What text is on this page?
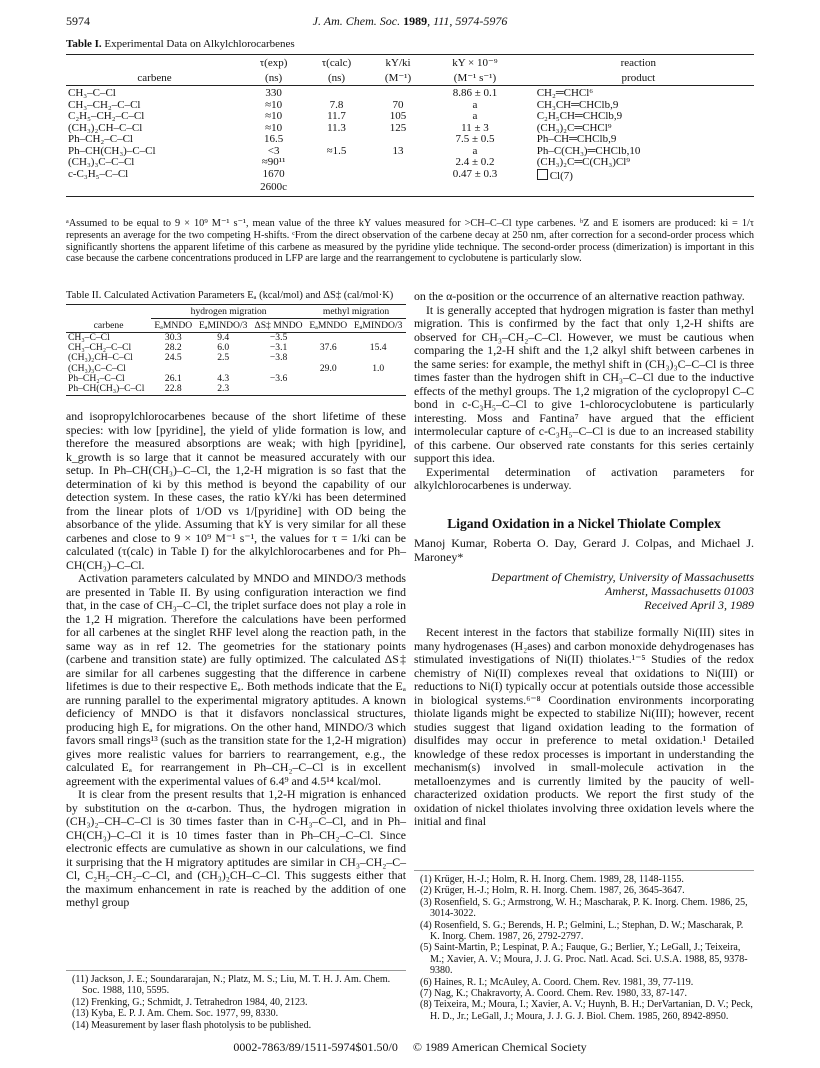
5974	J. Am. Chem. Soc. 1989, 111, 5974-5976
Table I. Experimental Data on Alkylchlorocarbenes
	τ(exp)	τ(calc)	kY/ki	kY × 10⁻⁹	reaction
carbene	(ns)	(ns)	(M⁻¹)	(M⁻¹ s⁻¹)	product
CH₃–C–Cl	330			8.86 ± 0.1	CH₂═CHCl⁶
CH₃–CH₂–C–Cl	≈10	7.8	70	a	CH₃CH═CHClb,9
C₂H₅–CH₂–C–Cl	≈10	11.7	105	a	C₂H₅CH═CHClb,9
(CH₃)₂CH–C–Cl	≈10	11.3	125	11 ± 3	(CH₃)₂C═CHCl⁹
Ph–CH₂–C–Cl	16.5			7.5 ± 0.5	Ph–CH═CHClb,9
Ph–CH(CH₃)–C–Cl	<3	≈1.5	13	a	Ph–C(CH₃)═CHClb,10
(CH₃)₃C–C–Cl	≈90¹¹			2.4 ± 0.2	(CH₃)₂C═C(CH₃)Cl⁹
c-C₃H₅–C–Cl	1670			0.47 ± 0.3	Cl(7)
	2600c				
ᵃAssumed to be equal to 9 × 10⁹ M⁻¹ s⁻¹, mean value of the three kY values measured for >CH–C–Cl type carbenes. ᵇZ and E isomers are produced: ki = 1/τ represents an average for the two competing H-shifts. ᶜFrom the direct observation of the carbene decay at 250 nm, after correction for a second-order process which significantly shortens the apparent lifetime of this carbene as measured by the pyridine ylide technique. The second-order process (dimerization) is important in this case because the carbene concentrations produced in LFP are large and the rearrangement to cyclobutene is particularly slow.
Table II. Calculated Activation Parameters Eₐ (kcal/mol) and ΔS‡ (cal/mol·K)
	hydrogen migration			methyl migration	
carbene	EₐMNDO	EₐMINDO/3	ΔS‡ MNDO	EₐMNDO	EₐMINDO/3
CH₃–C–Cl	30.3	9.4	−3.5		
CH₃–CH₂–C–Cl	28.2	6.0	−3.1	37.6	15.4
(CH₃)₂CH–C–Cl	24.5	2.5	−3.8		
(CH₃)₃C–C–Cl				29.0	1.0
Ph–CH₂–C–Cl	26.1	4.3	−3.6		
Ph–CH(CH₃)–C–Cl	22.8	2.3			

and isopropylchlorocarbenes because of the short lifetime of these species: with low [pyridine], the yield of ylide formation is low, and therefore the measured absorptions are weak; with high [pyridine], k_growth is so large that it cannot be measured accurately with our setup. In Ph–CH(CH₃)–C–Cl, the 1,2-H migration is so fast that the determination of ki by this method is beyond the capability of our detection system. In these cases, the ratio kY/ki has been determined from the linear plots of 1/OD vs 1/[pyridine] with OD being the absorbance of the ylide. Assuming that kY is very similar for all these carbenes and close to 9 × 10⁹ M⁻¹ s⁻¹, the values for τ = 1/ki can be calculated (τ(calc) in Table I) for the alkylchlorocarbenes and for Ph–CH(CH₃)–C–Cl.

Activation parameters calculated by MNDO and MINDO/3 methods are presented in Table II. By using configuration interaction we find that, in the case of CH₃–C–Cl, the triplet surface does not play a role in the 1,2 H migration. Therefore the calculations have been performed for all carbenes at the singlet RHF level along the reaction path, in the same way as in ref 12. The geometries for the stationary points (carbene and transition state) are fully optimized. The calculated ΔS‡ are similar for all carbenes suggesting that the difference in carbene lifetimes is due to their respective Eₐ. Both methods indicate that the Eₐ are running parallel to the experimental migratory aptitudes. A known deficiency of MNDO is that it disfavors nonclassical structures, producing high Eₐ for migrations. On the other hand, MINDO/3 which favors small rings¹³ (such as the transition state for the 1,2-H migration) gives more realistic values for barriers to rearrangement, e.g., the calculated Eₐ for rearrangement in Ph–CH₂–C–Cl is in excellent agreement with the experimental values of 6.4⁹ and 4.5¹⁴ kcal/mol.

It is clear from the present results that 1,2-H migration is enhanced by substitution on the α-carbon. Thus, the hydrogen migration in (CH₃)₂–CH–C–Cl is 30 times faster than in C-H₃–C–Cl, and in Ph–CH(CH₃)–C–Cl it is 10 times faster than in Ph–CH₂–C–Cl. Since electronic effects are cumulative as shown in our calculations, we find it surprising that the H migratory aptitudes are similar in CH₃–CH₂–C–Cl, C₂H₅–CH₂–C–Cl, and (CH₃)₂CH–C–Cl. This suggests either that the maximum enhancement in rate is reached by the addition of one methyl group

on the α-position or the occurrence of an alternative reaction pathway.

It is generally accepted that hydrogen migration is faster than methyl migration. This is confirmed by the fact that only 1,2-H shifts are observed for CH₃–CH₂–C–Cl. However, we must be cautious when comparing the 1,2-H shift and the 1,2 alkyl shift between carbenes in the same series: for example, the methyl shift in (CH₃)₃C–C–Cl is three times faster than the hydrogen shift in CH₃–C–Cl due to the inductive effects of the methyl groups. The 1,2 migration of the cyclopropyl C–C bond in c-C₃H₅–C–Cl to give 1-chlorocyclobutene is particularly interesting. Moss and Fantina⁷ have argued that the efficient intermolecular capture of c-C₃H₅–C–Cl is due to an increased stability of this carbene. Our observed rate constants for this series certainly support this idea.

Experimental determination of activation parameters for alkylchlorocarbenes is underway.

Ligand Oxidation in a Nickel Thiolate Complex
Manoj Kumar, Roberta O. Day, Gerard J. Colpas, and Michael J. Maroney*
Department of Chemistry, University of Massachusetts
Amherst, Massachusetts 01003
Received April 3, 1989

Recent interest in the factors that stabilize formally Ni(III) sites in many hydrogenases (H₂ases) and carbon monoxide dehydrogenases has stimulated investigations of Ni(II) thiolates.¹⁻⁵ Studies of the redox chemistry of Ni(II) complexes reveal that oxidations to Ni(III) or reductions to Ni(I) typically occur at potentials outside those accessible in biological systems.⁶⁻⁸ Coordination environments incorporating thiolate ligands might be expected to stabilize Ni(III); however, recent studies suggest that ligand oxidation leading to the formation of disulfides may occur in preference to metal oxidation.¹ Detailed knowledge of these redox processes is important in understanding the mechanism(s) involved in small-molecule activation in the metalloenzymes and is currently limited by the paucity of well-characterized oxidation products. We report the first study of the oxidation of nickel thiolates involving three oxidation levels where the initial and final

(11) Jackson, J. E.; Soundararajan, N.; Platz, M. S.; Liu, M. T. H. J. Am. Chem. Soc. 1988, 110, 5595.
(12) Frenking, G.; Schmidt, J. Tetrahedron 1984, 40, 2123.
(13) Kyba, E. P. J. Am. Chem. Soc. 1977, 99, 8330.
(14) Measurement by laser flash photolysis to be published.
(1) Krüger, H.-J.; Holm, R. H. Inorg. Chem. 1989, 28, 1148-1155.
(2) Krüger, H.-J.; Holm, R. H. Inorg. Chem. 1987, 26, 3645-3647.
(3) Rosenfield, S. G.; Armstrong, W. H.; Mascharak, P. K. Inorg. Chem. 1986, 25, 3014-3022.
(4) Rosenfield, S. G.; Berends, H. P.; Gelmini, L.; Stephan, D. W.; Mascharak, P. K. Inorg. Chem. 1987, 26, 2792-2797.
(5) Saint-Martin, P.; Lespinat, P. A.; Fauque, G.; Berlier, Y.; LeGall, J.; Teixeira, M.; Xavier, A. V.; Moura, J. J. G. Proc. Natl. Acad. Sci. U.S.A. 1988, 85, 9378-9380.
(6) Haines, R. I.; McAuley, A. Coord. Chem. Rev. 1981, 39, 77-119.
(7) Nag, K.; Chakravorty, A. Coord. Chem. Rev. 1980, 33, 87-147.
(8) Teixeira, M.; Moura, I.; Xavier, A. V.; Huynh, B. H.; DerVartanian, D. V.; Peck, H. D., Jr.; LeGall, J.; Moura, J. J. G. J. Biol. Chem. 1985, 260, 8942-8950.
0002-7863/89/1511-5974$01.50/0 © 1989 American Chemical Society
